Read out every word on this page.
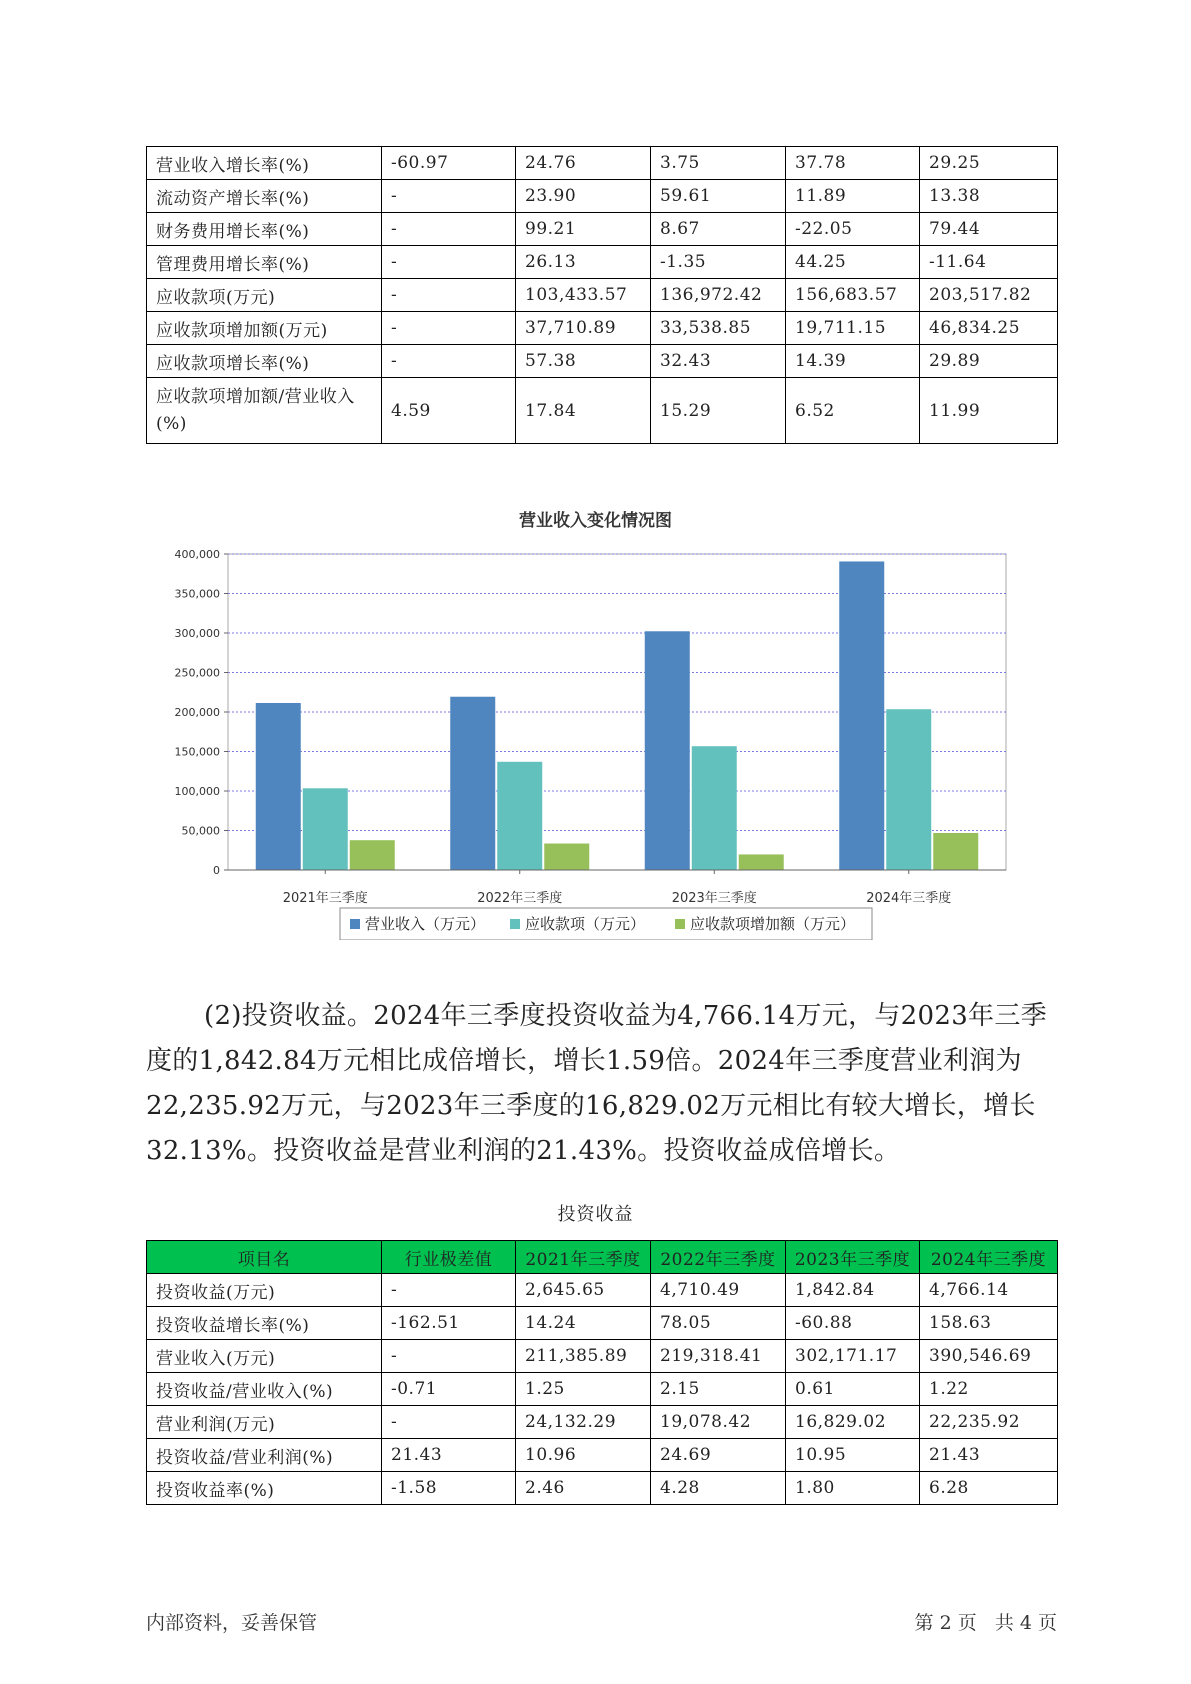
营业收入增长率(%)	-60.97	24.76	3.75	37.78	29.25
流动资产增长率(%)	-	23.90	59.61	11.89	13.38
财务费用增长率(%)	-	99.21	8.67	-22.05	79.44
管理费用增长率(%)	-	26.13	-1.35	44.25	-11.64
应收款项(万元)	-	103,433.57	136,972.42	156,683.57	203,517.82
应收款项增加额(万元)	-	37,710.89	33,538.85	19,711.15	46,834.25
应收款项增长率(%)	-	57.38	32.43	14.39	29.89
应收款项增加额/营业收入(%)	4.59	17.84	15.29	6.52	11.99
营业收入变化情况图
0
50,000
100,000
150,000
200,000
250,000
300,000
350,000
400,000
2021年三季度	2022年三季度	2023年三季度	2024年三季度
营业收入（万元）	应收款项（万元）	应收款项增加额（万元）
(2)投资收益。2024年三季度投资收益为4,766.14万元，与2023年三季度的1,842.84万元相比成倍增长，增长1.59倍。2024年三季度营业利润为22,235.92万元，与2023年三季度的16,829.02万元相比有较大增长，增长32.13%。投资收益是营业利润的21.43%。投资收益成倍增长。
投资收益
项目名	行业极差值	2021年三季度	2022年三季度	2023年三季度	2024年三季度
投资收益(万元)	-	2,645.65	4,710.49	1,842.84	4,766.14
投资收益增长率(%)	-162.51	14.24	78.05	-60.88	158.63
营业收入(万元)	-	211,385.89	219,318.41	302,171.17	390,546.69
投资收益/营业收入(%)	-0.71	1.25	2.15	0.61	1.22
营业利润(万元)	-	24,132.29	19,078.42	16,829.02	22,235.92
投资收益/营业利润(%)	21.43	10.96	24.69	10.95	21.43
投资收益率(%)	-1.58	2.46	4.28	1.80	6.28
内部资料，妥善保管	第 2 页   共 4 页
